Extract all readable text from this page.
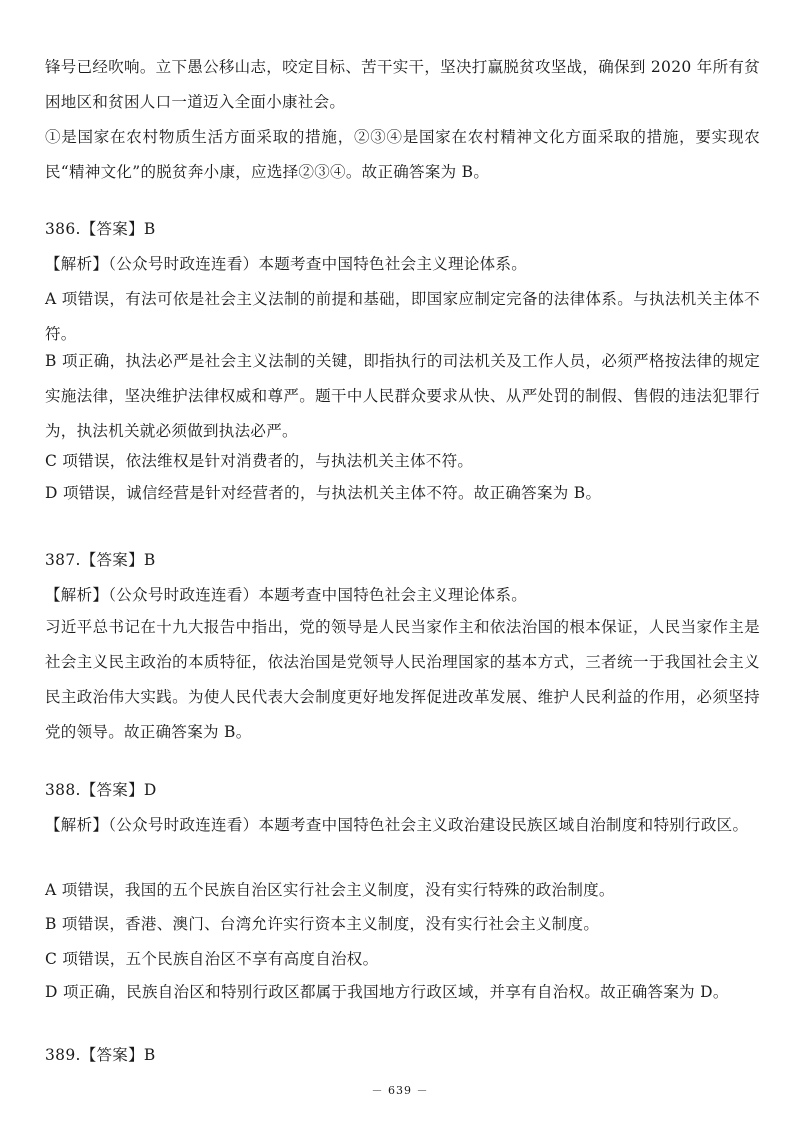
锋号已经吹响。立下愚公移山志，咬定目标、苦干实干，坚决打赢脱贫攻坚战，确保到 2020 年所有贫困地区和贫困人口一道迈入全面小康社会。

①是国家在农村物质生活方面采取的措施，②③④是国家在农村精神文化方面采取的措施，要实现农民“精神文化”的脱贫奔小康，应选择②③④。故正确答案为 B。

386.【答案】B

【解析】（公众号时政连连看）本题考查中国特色社会主义理论体系。

A 项错误，有法可依是社会主义法制的前提和基础，即国家应制定完备的法律体系。与执法机关主体不符。

B 项正确，执法必严是社会主义法制的关键，即指执行的司法机关及工作人员，必须严格按法律的规定实施法律，坚决维护法律权威和尊严。题干中人民群众要求从快、从严处罚的制假、售假的违法犯罪行为，执法机关就必须做到执法必严。

C 项错误，依法维权是针对消费者的，与执法机关主体不符。

D 项错误，诚信经营是针对经营者的，与执法机关主体不符。故正确答案为 B。

387.【答案】B

【解析】（公众号时政连连看）本题考查中国特色社会主义理论体系。

习近平总书记在十九大报告中指出，党的领导是人民当家作主和依法治国的根本保证，人民当家作主是社会主义民主政治的本质特征，依法治国是党领导人民治理国家的基本方式，三者统一于我国社会主义民主政治伟大实践。为使人民代表大会制度更好地发挥促进改革发展、维护人民利益的作用，必须坚持党的领导。故正确答案为 B。

388.【答案】D

【解析】（公众号时政连连看）本题考查中国特色社会主义政治建设民族区域自治制度和特别行政区。

A 项错误，我国的五个民族自治区实行社会主义制度，没有实行特殊的政治制度。

B 项错误，香港、澳门、台湾允许实行资本主义制度，没有实行社会主义制度。

C 项错误，五个民族自治区不享有高度自治权。

D 项正确，民族自治区和特别行政区都属于我国地方行政区域，并享有自治权。故正确答案为 D。

389.【答案】B

－ 639 －
